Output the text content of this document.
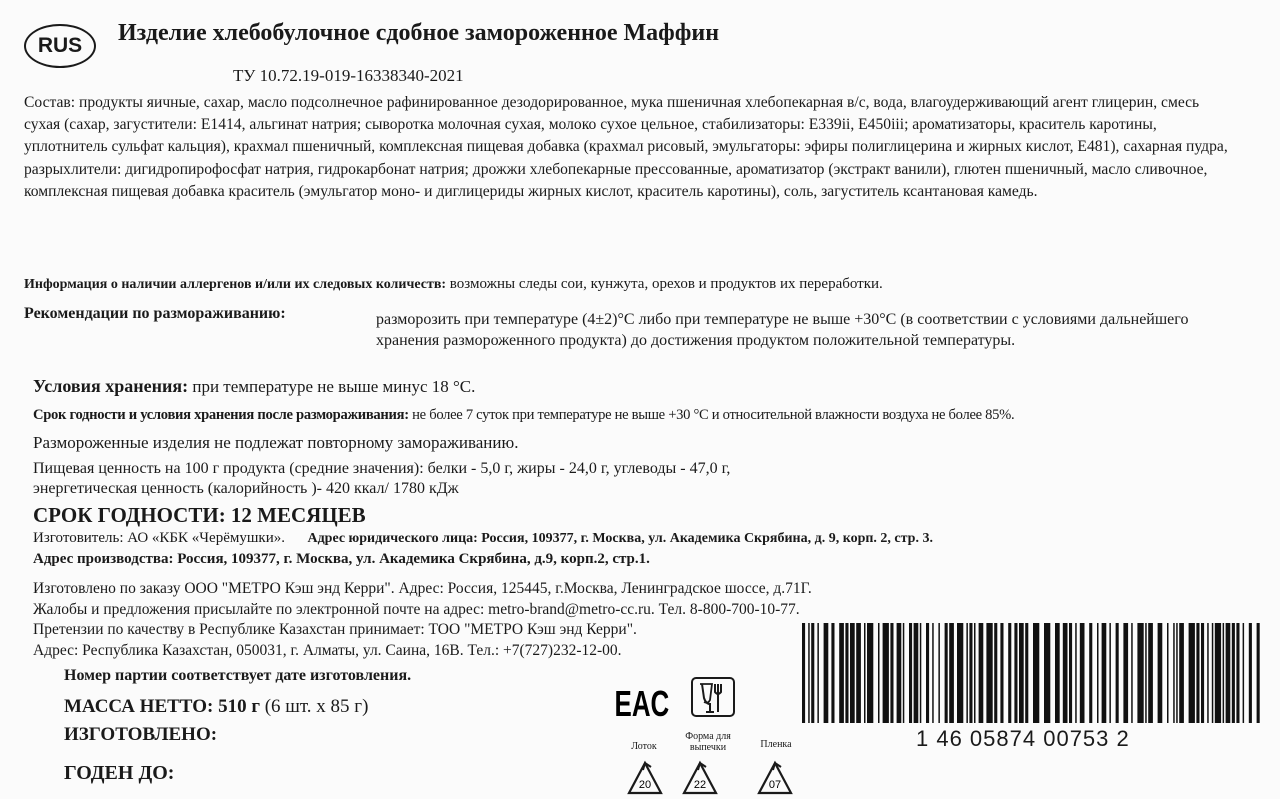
RUS	Изделие хлебобулочное сдобное замороженное Маффин
ТУ 10.72.19-019-16338340-2021
Состав: продукты яичные, сахар, масло подсолнечное рафинированное дезодорированное, мука пшеничная хлебопекарная в/с, вода, влагоудерживающий агент глицерин, смесь сухая (сахар, загустители: Е1414, альгинат натрия; сыворотка молочная сухая, молоко сухое цельное, стабилизаторы: Е339ii, Е450iii; ароматизаторы, краситель каротины, уплотнитель сульфат кальция), крахмал пшеничный, комплексная пищевая добавка (крахмал рисовый, эмульгаторы: эфиры полиглицерина и жирных кислот, Е481), сахарная пудра, разрыхлители: дигидропирофосфат натрия, гидрокарбонат натрия; дрожжи хлебопекарные прессованные, ароматизатор (экстракт ванили), глютен пшеничный, масло сливочное, комплексная пищевая добавка краситель (эмульгатор моно- и диглицериды жирных кислот, краситель каротины), соль, загуститель ксантановая камедь.
Информация о наличии аллергенов и/или их следовых количеств: возможны следы сои, кунжута, орехов и продуктов их переработки.
Рекомендации по размораживанию:	разморозить при температуре (4±2)°С либо при температуре не выше +30°С (в соответствии с условиями дальнейшего хранения размороженного продукта) до достижения продуктом положительной температуры.
Условия хранения: при температуре не выше минус 18 °С.
Срок годности и условия хранения после размораживания: не более 7 суток при температуре не выше +30 °С и относительной влажности воздуха не более 85%.
Размороженные изделия не подлежат повторному замораживанию.
Пищевая ценность на 100 г продукта (средние значения): белки - 5,0 г, жиры - 24,0 г, углеводы - 47,0 г,
энергетическая ценность (калорийность )- 420 ккал/ 1780 кДж
СРОК ГОДНОСТИ: 12 МЕСЯЦЕВ
Изготовитель: АО «КБК «Черёмушки». Адрес юридического лица: Россия, 109377, г. Москва, ул. Академика Скрябина, д. 9, корп. 2, стр. 3.
Адрес производства: Россия, 109377, г. Москва, ул. Академика Скрябина, д.9, корп.2, стр.1.
Изготовлено по заказу ООО "МЕТРО Кэш энд Керри". Адрес: Россия, 125445, г.Москва, Ленинградское шоссе, д.71Г.
Жалобы и предложения присылайте по электронной почте на адрес: metro-brand@metro-cc.ru. Тел. 8-800-700-10-77.
Претензии по качеству в Республике Казахстан принимает: ТОО "МЕТРО Кэш энд Керри".
Адрес: Республика Казахстан, 050031, г. Алматы, ул. Саина, 16В. Тел.: +7(727)232-12-00.
Номер партии соответствует дате изготовления.
МАССА НЕТТО: 510 г (6 шт. х 85 г)
ИЗГОТОВЛЕНО:
ГОДЕН ДО:
EAC
Лоток
Форма для выпечки	Пленка
20	22	07
1 46 05874 00753 2
